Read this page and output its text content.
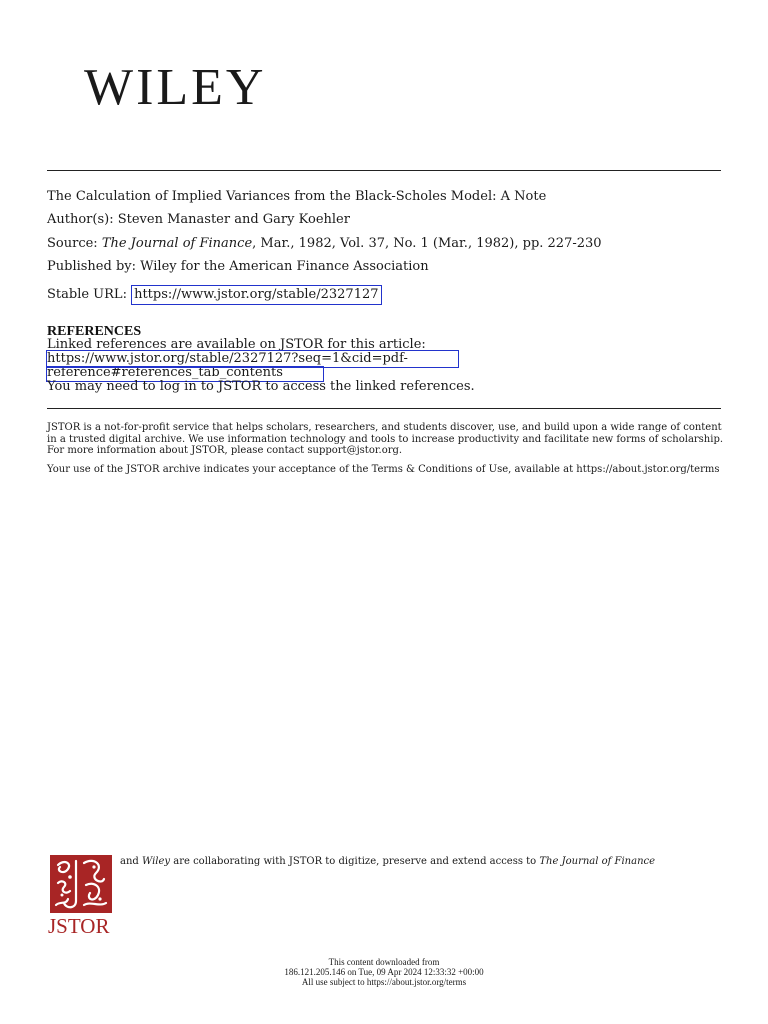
WILEY
The Calculation of Implied Variances from the Black-Scholes Model: A Note
Author(s): Steven Manaster and Gary Koehler
Source: The Journal of Finance, Mar., 1982, Vol. 37, No. 1 (Mar., 1982), pp. 227-230
Published by: Wiley for the American Finance Association
Stable URL: https://www.jstor.org/stable/2327127
REFERENCES
Linked references are available on JSTOR for this article:
https://www.jstor.org/stable/2327127?seq=1&cid=pdf-
reference#references_tab_contents
You may need to log in to JSTOR to access the linked references.
JSTOR is a not-for-profit service that helps scholars, researchers, and students discover, use, and build upon a wide range of content in a trusted digital archive. We use information technology and tools to increase productivity and facilitate new forms of scholarship. For more information about JSTOR, please contact support@jstor.org.
Your use of the JSTOR archive indicates your acceptance of the Terms & Conditions of Use, available at https://about.jstor.org/terms
JSTOR
and Wiley are collaborating with JSTOR to digitize, preserve and extend access to The Journal of Finance
This content downloaded from
186.121.205.146 on Tue, 09 Apr 2024 12:33:32 +00:00
All use subject to https://about.jstor.org/terms
